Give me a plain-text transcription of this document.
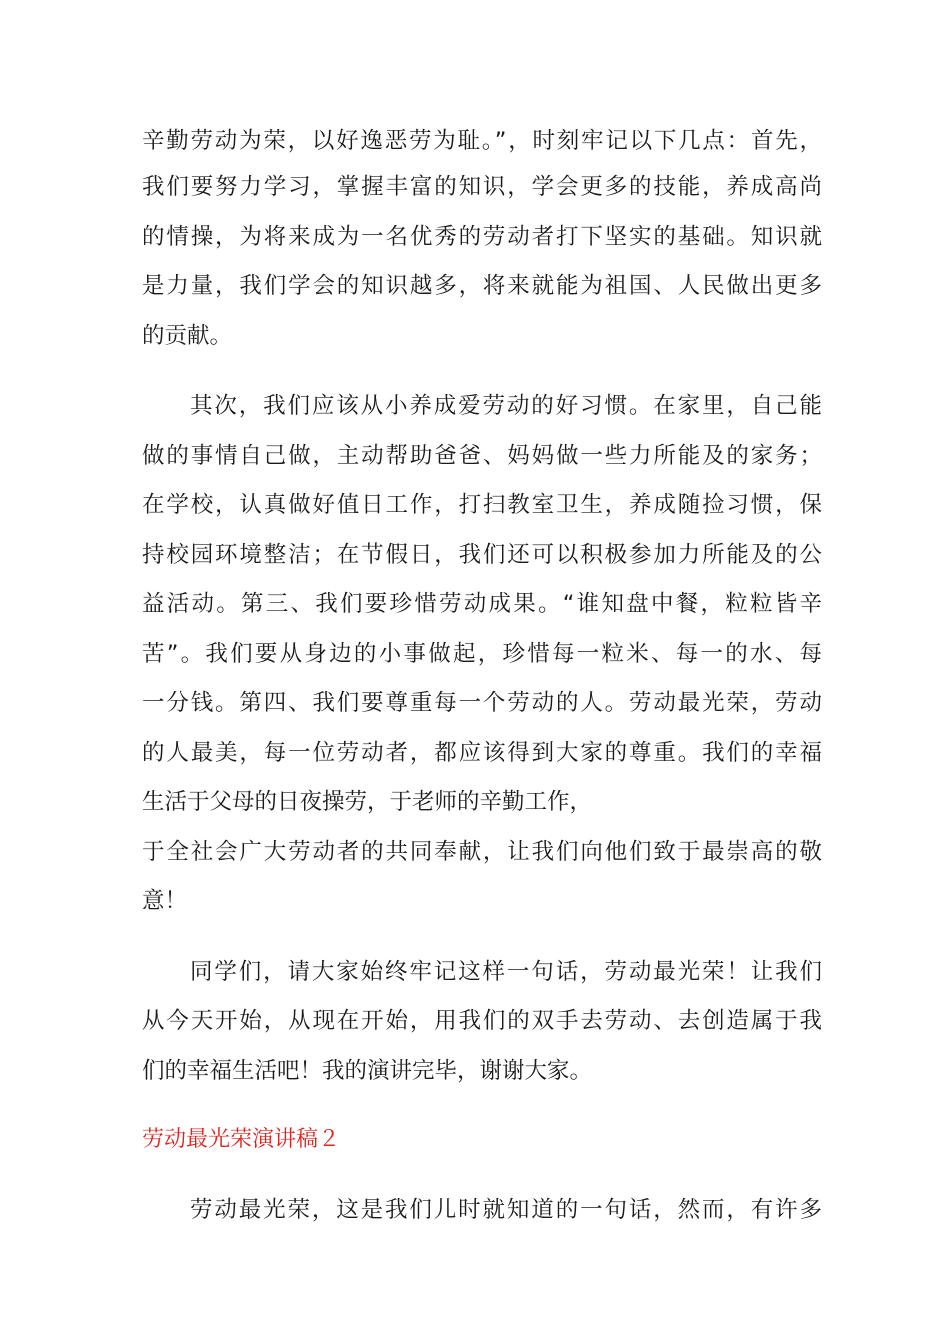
辛勤劳动为荣，以好逸恶劳为耻。”，时刻牢记以下几点：首先，
我们要努力学习，掌握丰富的知识，学会更多的技能，养成高尚
的情操，为将来成为一名优秀的劳动者打下坚实的基础。知识就
是力量，我们学会的知识越多，将来就能为祖国、人民做出更多
的贡献。
其次，我们应该从小养成爱劳动的好习惯。在家里，自己能
做的事情自己做，主动帮助爸爸、妈妈做一些力所能及的家务；
在学校，认真做好值日工作，打扫教室卫生，养成随捡习惯，保
持校园环境整洁；在节假日，我们还可以积极参加力所能及的公
益活动。第三、我们要珍惜劳动成果。“谁知盘中餐，粒粒皆辛
苦”。我们要从身边的小事做起，珍惜每一粒米、每一的水、每
一分钱。第四、我们要尊重每一个劳动的人。劳动最光荣，劳动
的人最美，每一位劳动者，都应该得到大家的尊重。我们的幸福
生活于父母的日夜操劳，于老师的辛勤工作，
于全社会广大劳动者的共同奉献，让我们向他们致于最崇高的敬
意！
同学们，请大家始终牢记这样一句话，劳动最光荣！让我们
从今天开始，从现在开始，用我们的双手去劳动、去创造属于我
们的幸福生活吧！我的演讲完毕，谢谢大家。
劳动最光荣演讲稿２
劳动最光荣，这是我们儿时就知道的一句话，然而，有许多
